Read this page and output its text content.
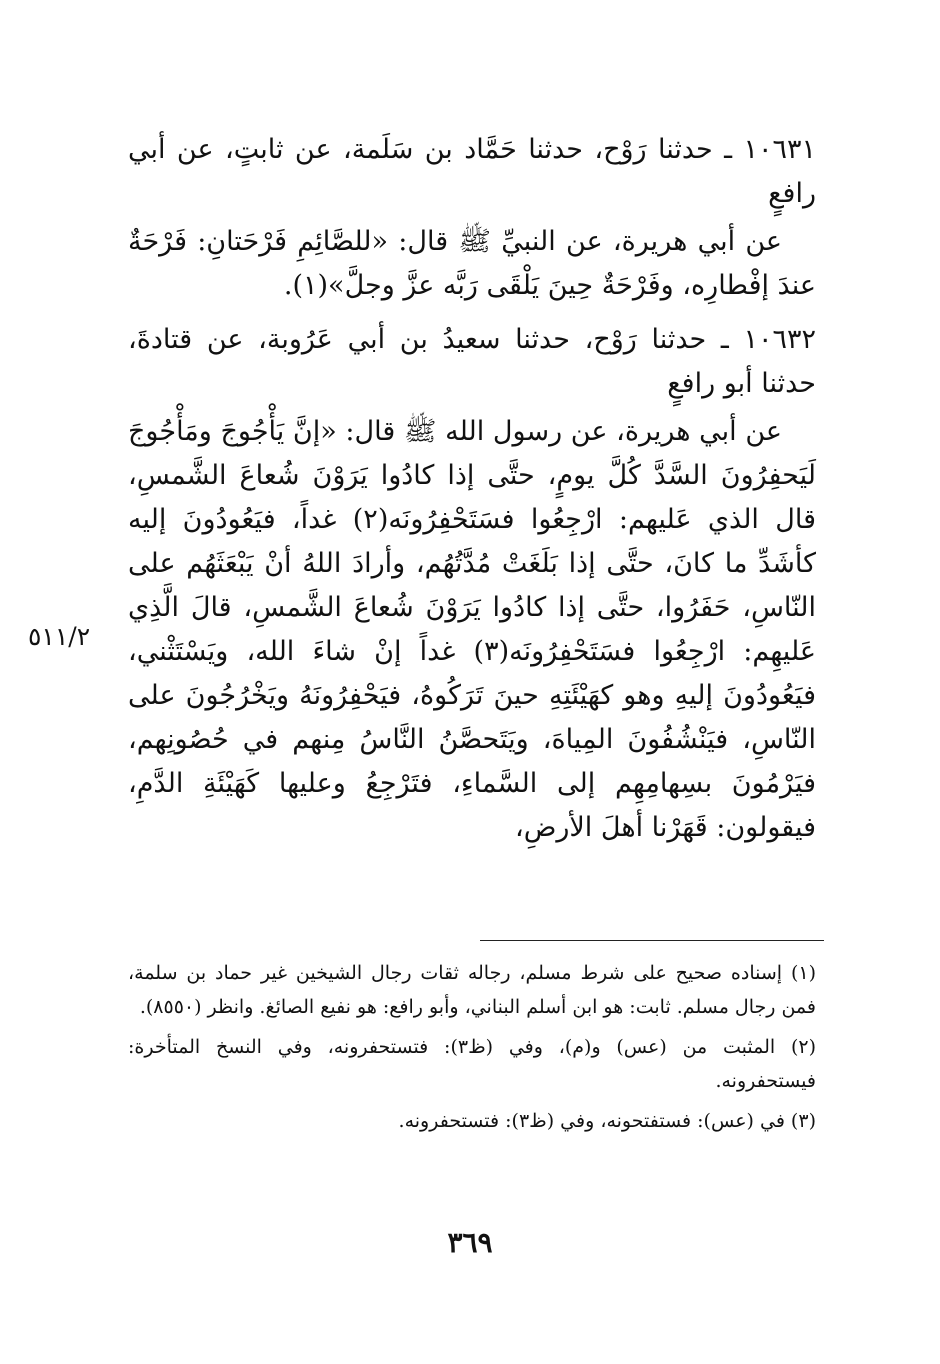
١٠٦٣١ ـ حدثنا رَوْح، حدثنا حَمَّاد بن سَلَمة، عن ثابتٍ، عن أبي رافعٍ

عن أبي هريرة، عن النبيِّ ﷺ قال: «للصَّائِمِ فَرْحَتانِ: فَرْحَةٌ عندَ إفْطارِه، وفَرْحَةٌ حِينَ يَلْقَى رَبَّه عزَّ وجلَّ»(١).

١٠٦٣٢ ـ حدثنا رَوْح، حدثنا سعيدُ بن أبي عَرُوبة، عن قتادةَ، حدثنا أبو رافعٍ

عن أبي هريرة، عن رسول الله ﷺ قال: «إنَّ يَأْجُوجَ ومَأْجُوجَ لَيَحفِرُونَ السَّدَّ كُلَّ يومٍ، حتَّى إذا كادُوا يَرَوْنَ شُعاعَ الشَّمسِ، قال الذي عَليهم: ارْجِعُوا فسَتَحْفِرُونَه(٢) غداً، فيَعُودُونَ إليه كأشَدِّ ما كانَ، حتَّى إذا بَلَغَتْ مُدَّتُهُم، وأرادَ اللهُ أنْ يَبْعَثَهُم على النّاسِ، حَفَرُوا، حتَّى إذا كادُوا يَرَوْنَ شُعاعَ الشَّمسِ، قالَ الَّذِي عَليهِم: ارْجِعُوا فسَتَحْفِرُونَه(٣) غداً إنْ شاءَ الله، ويَسْتَثْني، فيَعُودُونَ إليهِ وهو كهَيْئَتِهِ حينَ تَرَكُوهُ، فيَحْفِرُونَهُ ويَخْرُجُونَ على النّاسِ، فيَنْشُفُونَ المِياهَ، ويَتَحصَّنُ النَّاسُ مِنهم في حُصُونِهم، فيَرْمُونَ بسِهامِهِم إلى السَّماءِ، فتَرْجِعُ وعليها كَهَيْئَةِ الدَّمِ، فيقولون: قَهَرْنا أهلَ الأرضِ،

٥١١/٢

(١) إسناده صحيح على شرط مسلم، رجاله ثقات رجال الشيخين غير حماد بن سلمة، فمن رجال مسلم. ثابت: هو ابن أسلم البناني، وأبو رافع: هو نفيع الصائغ. وانظر (٨٥٥٠).

(٢) المثبت من (عس) و(م)، وفي (ظ٣): فتستحفرونه، وفي النسخ المتأخرة: فيستحفرونه.

(٣) في (عس): فستفتحونه، وفي (ظ٣): فتستحفرونه.

٣٦٩
